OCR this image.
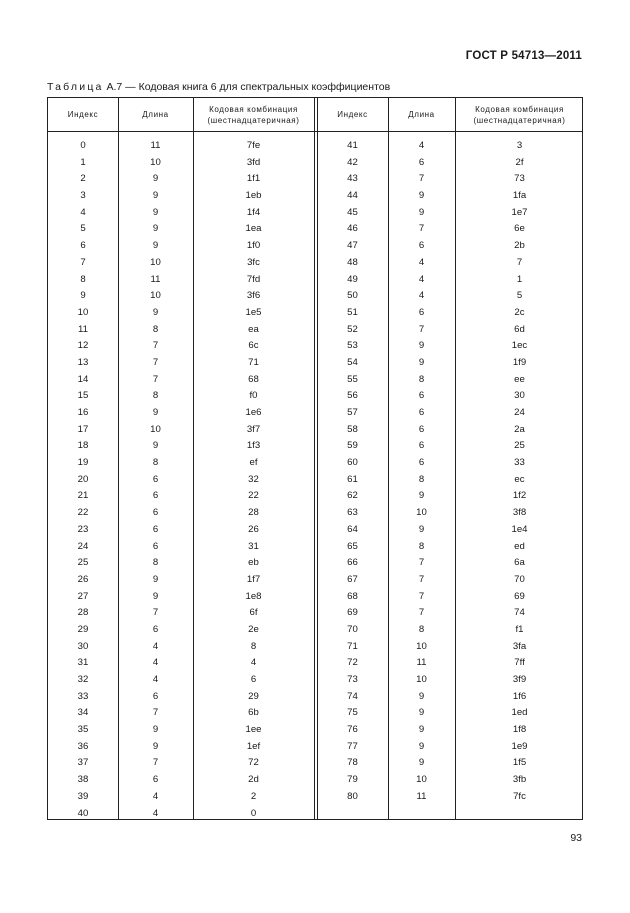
ГОСТ Р 54713—2011
Таблица А.7 — Кодовая книга 6 для спектральных коэффициентов
Индекс	Длина
Кодовая комбинация (шестнадцатеричная)
Индекс	Длина
Кодовая комбинация (шестнадцатеричная)
0	11	7fe	41	4	3
1	10	3fd	42	6	2f
2	9	1f1	43	7	73
3	9	1eb	44	9	1fa
4	9	1f4	45	9	1e7
5	9	1ea	46	7	6e
6	9	1f0	47	6	2b
7	10	3fc	48	4	7
8	11	7fd	49	4	1
9	10	3f6	50	4	5
10	9	1e5	51	6	2c
11	8	ea	52	7	6d
12	7	6c	53	9	1ec
13	7	71	54	9	1f9
14	7	68	55	8	ee
15	8	f0	56	6	30
16	9	1e6	57	6	24
17	10	3f7	58	6	2a
18	9	1f3	59	6	25
19	8	ef	60	6	33
20	6	32	61	8	ec
21	6	22	62	9	1f2
22	6	28	63	10	3f8
23	6	26	64	9	1e4
24	6	31	65	8	ed
25	8	eb	66	7	6a
26	9	1f7	67	7	70
27	9	1e8	68	7	69
28	7	6f	69	7	74
29	6	2e	70	8	f1
30	4	8	71	10	3fa
31	4	4	72	11	7ff
32	4	6	73	10	3f9
33	6	29	74	9	1f6
34	7	6b	75	9	1ed
35	9	1ee	76	9	1f8
36	9	1ef	77	9	1e9
37	7	72	78	9	1f5
38	6	2d	79	10	3fb
39	4	2	80	11	7fc
40	4	0
93
